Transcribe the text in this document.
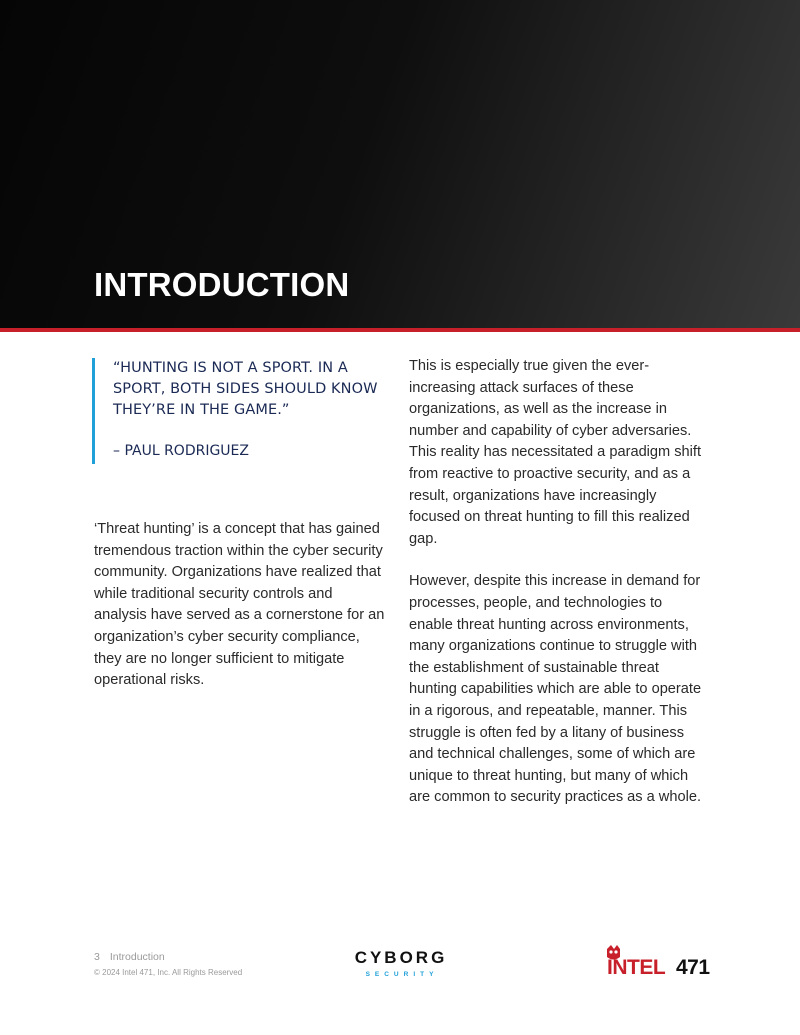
INTRODUCTION

“HUNTING IS NOT A SPORT. IN A SPORT, BOTH SIDES SHOULD KNOW THEY’RE IN THE GAME.”

– PAUL RODRIGUEZ

‘Threat hunting’ is a concept that has gained tremendous traction within the cyber security community. Organizations have realized that while traditional security controls and analysis have served as a cornerstone for an organization’s cyber security compliance, they are no longer sufficient to mitigate operational risks.

This is especially true given the ever-increasing attack surfaces of these organizations, as well as the increase in number and capability of cyber adversaries. This reality has necessitated a paradigm shift from reactive to proactive security, and as a result, organizations have increasingly focused on threat hunting to fill this realized gap.

However, despite this increase in demand for processes, people, and technologies to enable threat hunting across environments, many organizations continue to struggle with the establishment of sustainable threat hunting capabilities which are able to operate in a rigorous, and repeatable, manner. This struggle is often fed by a litany of business and technical challenges, some of which are unique to threat hunting, but many of which are common to security practices as a whole.

3 Introduction
© 2024 Intel 471, Inc. All Rights Reserved
CYBORG
SECURITY	INTEL 471
